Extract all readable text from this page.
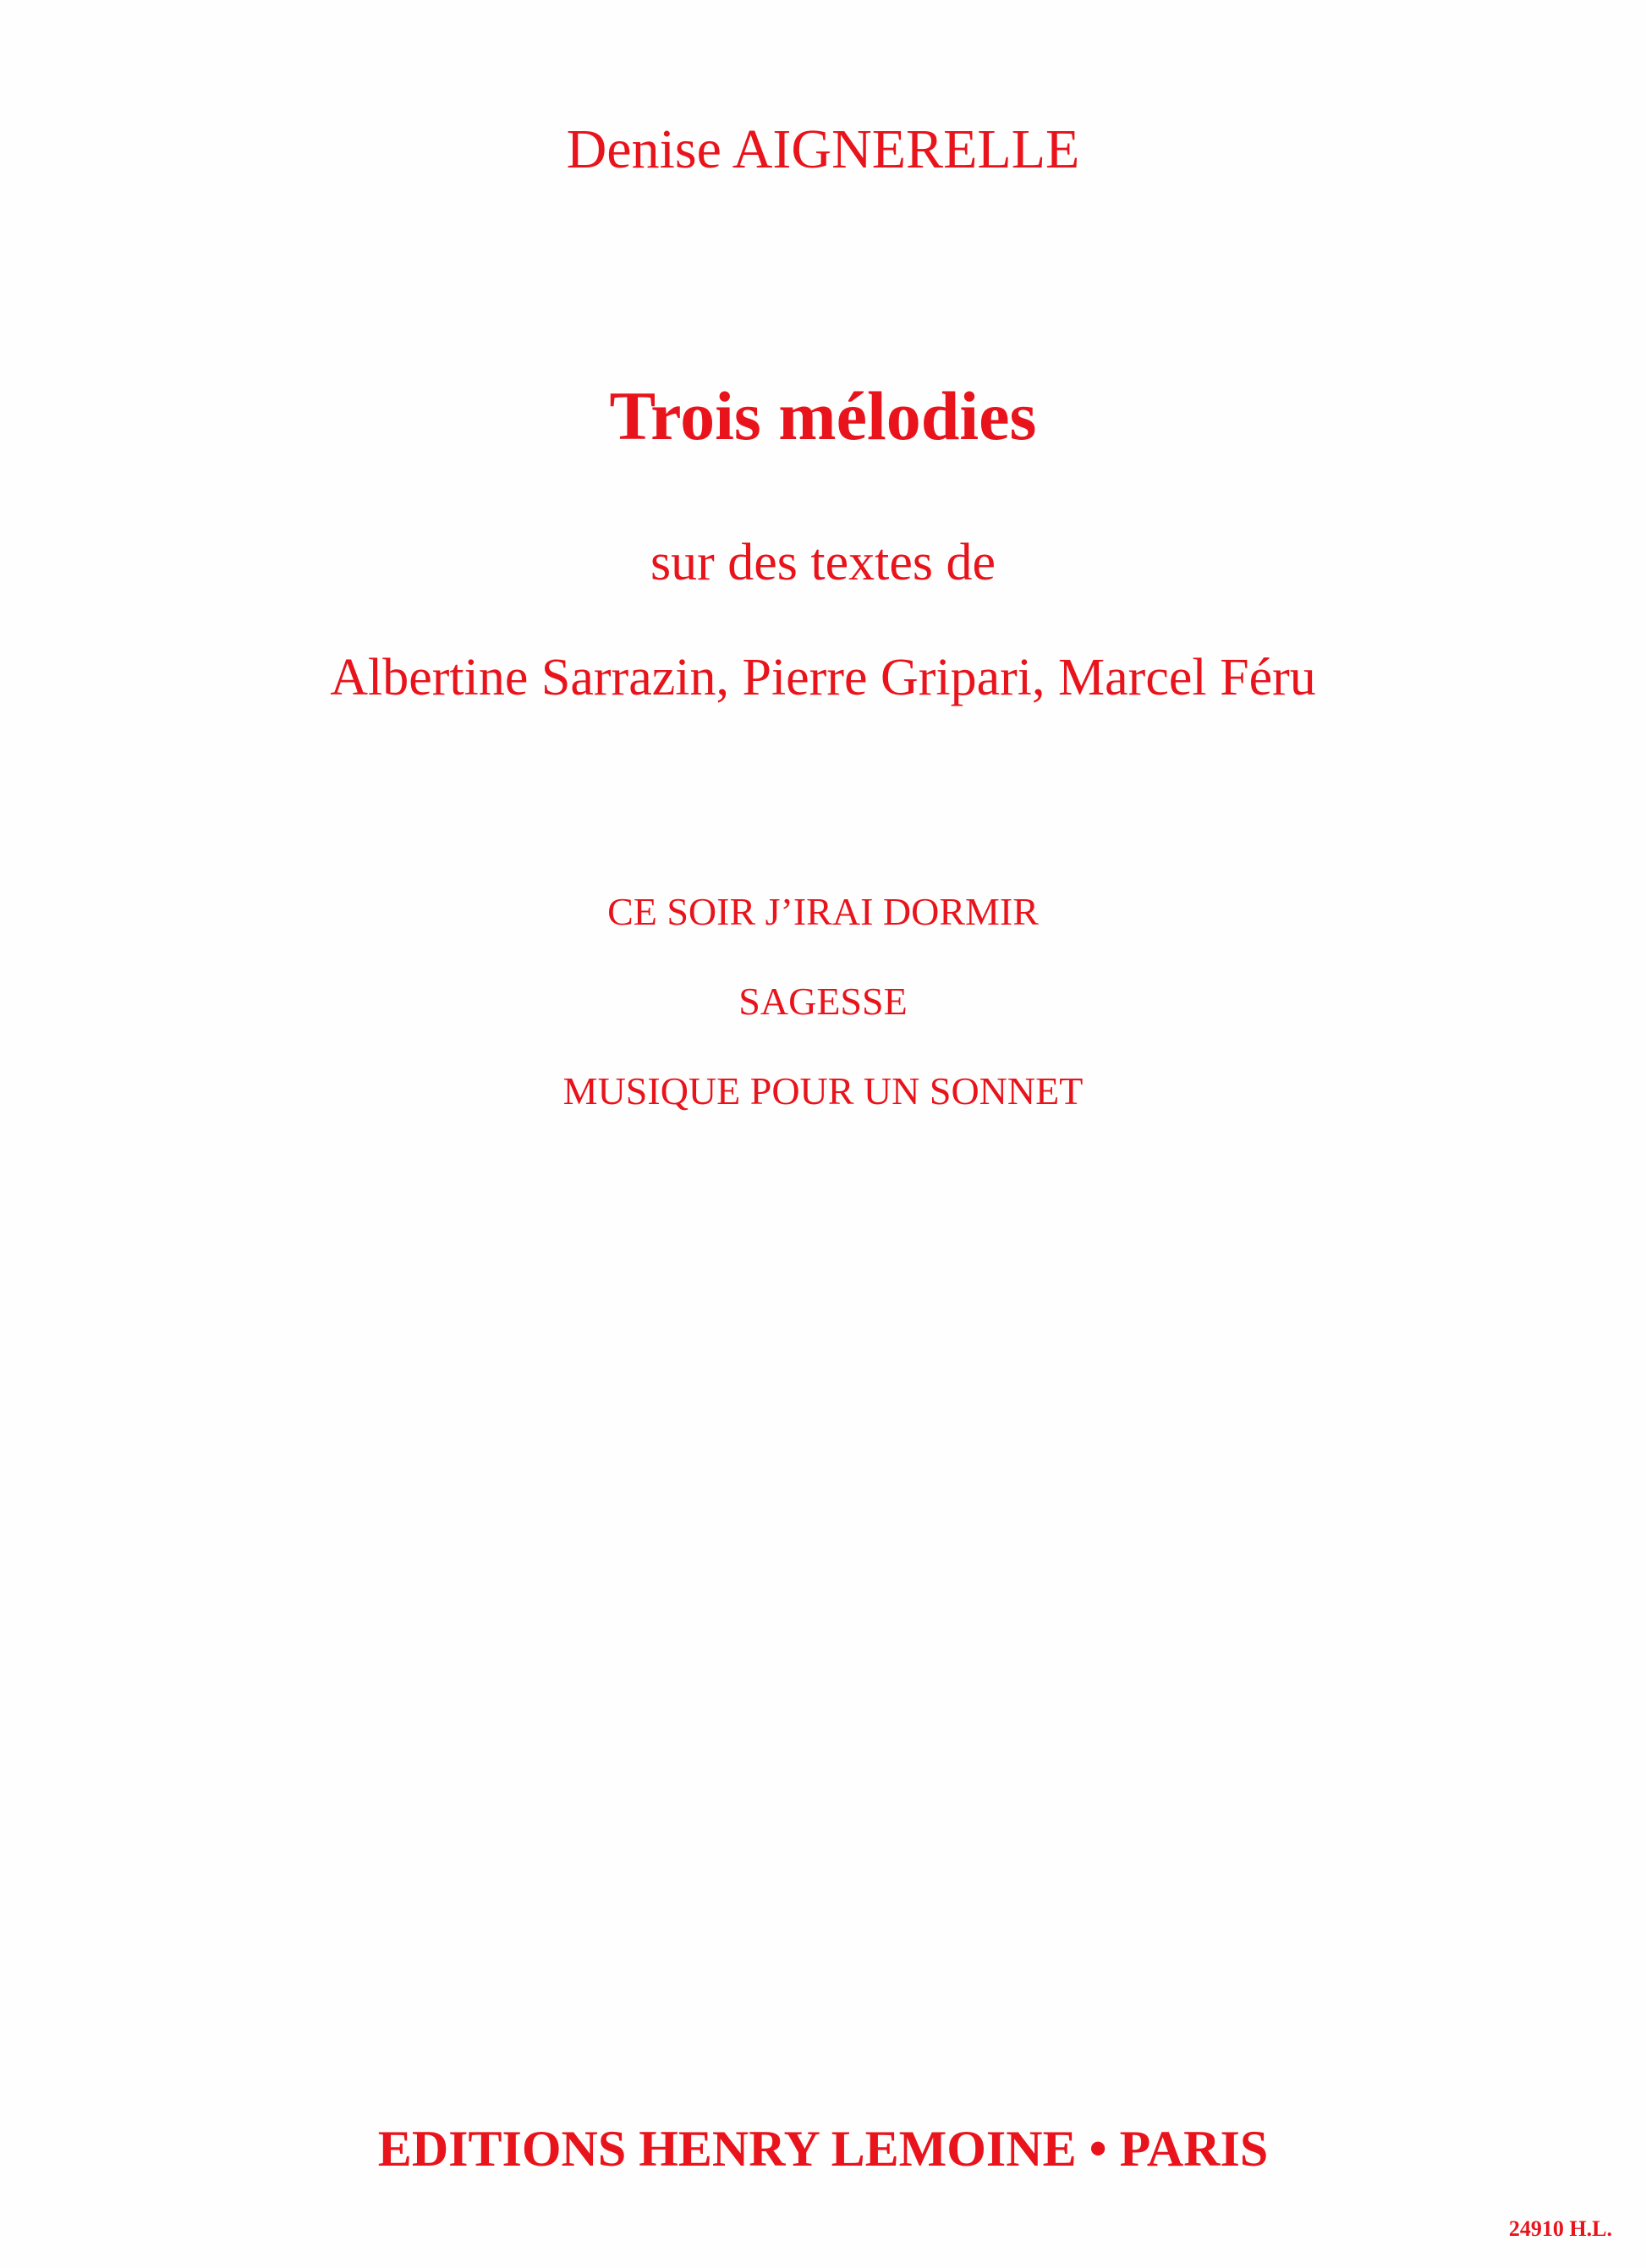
Denise AIGNERELLE
Trois mélodies
sur des textes de
Albertine Sarrazin, Pierre Gripari, Marcel Féru
CE SOIR J’IRAI DORMIR
SAGESSE
MUSIQUE POUR UN SONNET
EDITIONS HENRY LEMOINE • PARIS
24910 H.L.
